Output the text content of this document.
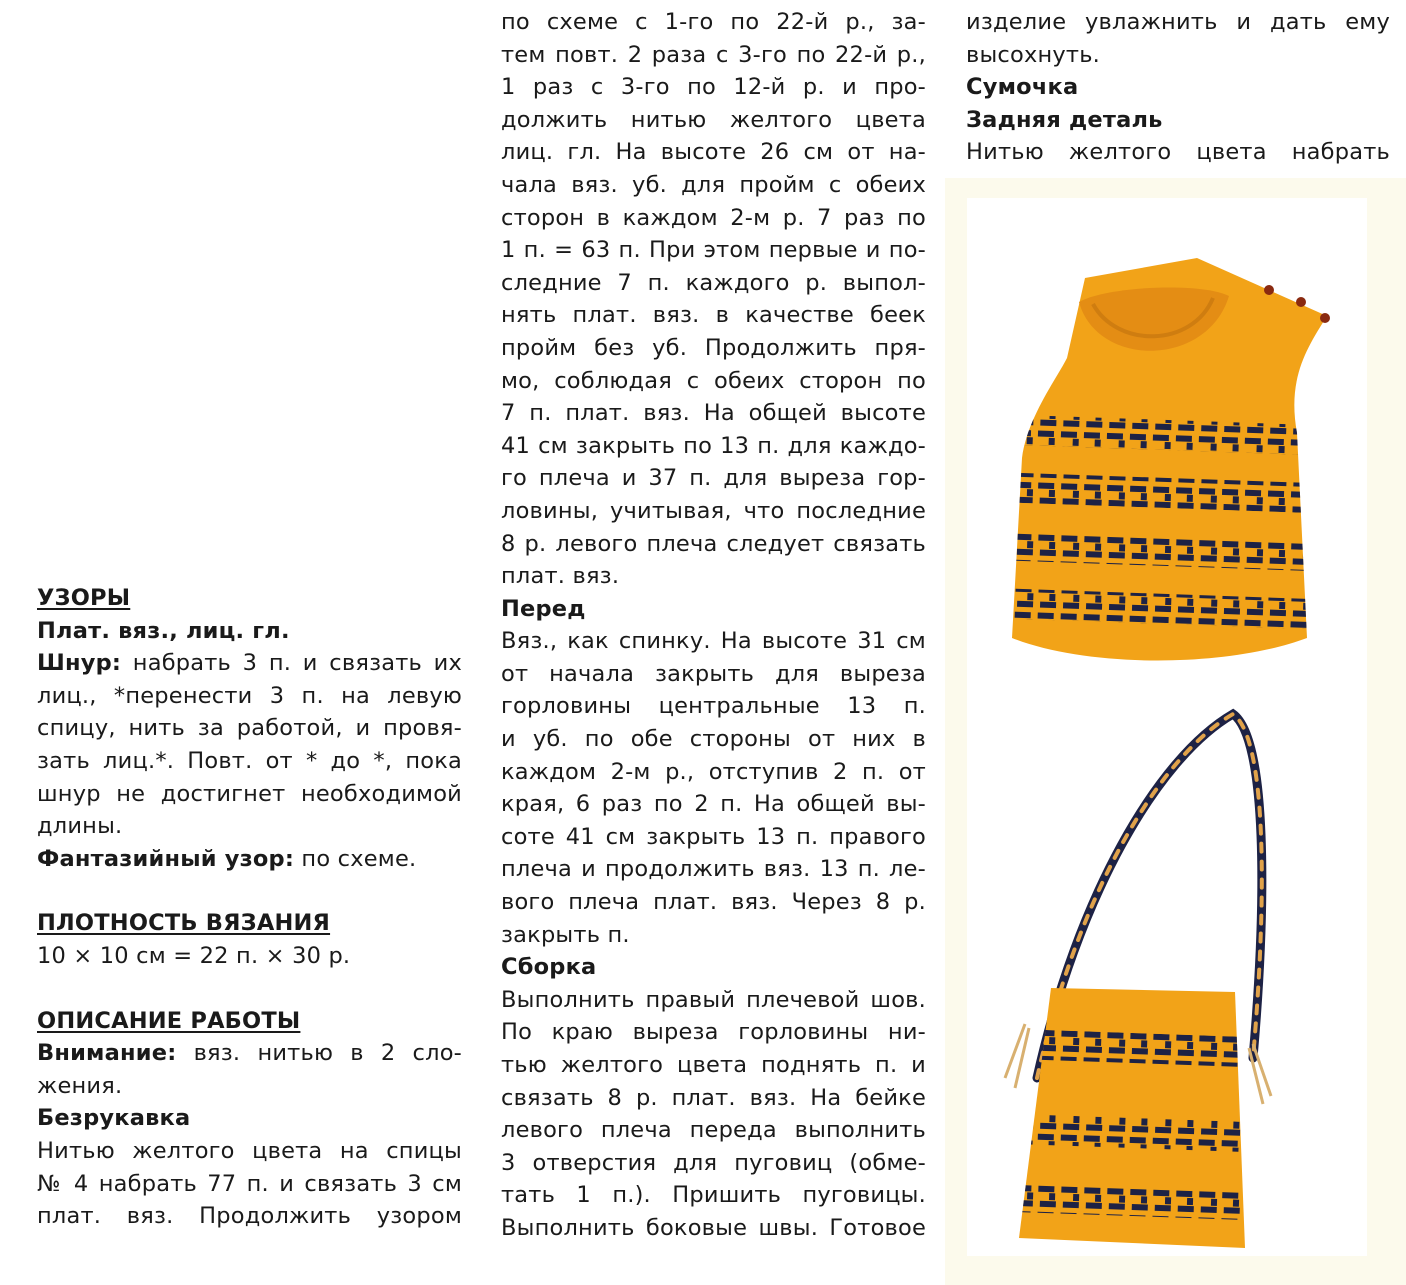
УЗОРЫ

Плат. вяз., лиц. гл.

Шнур: набрать 3 п. и связать их

лиц., *перенести 3 п. на левую

спицу, нить за работой, и провя-

зать лиц.*. Повт. от * до *, пока

шнур не достигнет необходимой

длины.

Фантазийный узор: по схеме.

ПЛОТНОСТЬ ВЯЗАНИЯ

10 × 10 см = 22 п. × 30 р.

ОПИСАНИЕ РАБОТЫ

Внимание: вяз. нитью в 2 сло-

жения.

Безрукавка

Нитью желтого цвета на спицы

№ 4 набрать 77 п. и связать 3 см

плат. вяз. Продолжить узором

по схеме с 1-го по 22-й р., за-

тем повт. 2 раза с 3-го по 22-й р.,

1 раз с 3-го по 12-й р. и про-

должить нитью желтого цвета

лиц. гл. На высоте 26 см от на-

чала вяз. уб. для пройм с обеих

сторон в каждом 2-м р. 7 раз по

1 п. = 63 п. При этом первые и по-

следние 7 п. каждого р. выпол-

нять плат. вяз. в качестве беек

пройм без уб. Продолжить пря-

мо, соблюдая с обеих сторон по

7 п. плат. вяз. На общей высоте

41 см закрыть по 13 п. для каждо-

го плеча и 37 п. для выреза гор-

ловины, учитывая, что последние

8 р. левого плеча следует связать

плат. вяз.

Перед

Вяз., как спинку. На высоте 31 см

от начала закрыть для выреза

горловины центральные 13 п.

и уб. по обе стороны от них в

каждом 2-м р., отступив 2 п. от

края, 6 раз по 2 п. На общей вы-

соте 41 см закрыть 13 п. правого

плеча и продолжить вяз. 13 п. ле-

вого плеча плат. вяз. Через 8 р.

закрыть п.

Сборка

Выполнить правый плечевой шов.

По краю выреза горловины ни-

тью желтого цвета поднять п. и

связать 8 р. плат. вяз. На бейке

левого плеча переда выполнить

3 отверстия для пуговиц (обме-

тать 1 п.). Пришить пуговицы.

Выполнить боковые швы. Готовое

изделие увлажнить и дать ему

высохнуть.

Сумочка

Задняя деталь

Нитью желтого цвета набрать
